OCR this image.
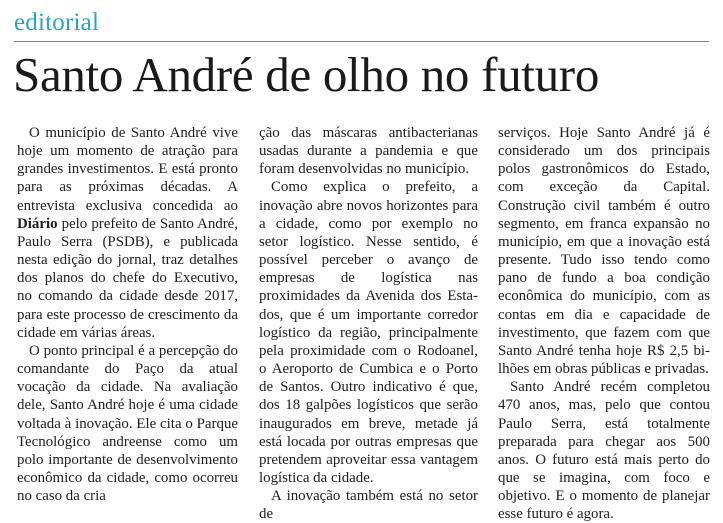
editorial
Santo André de olho no futuro

O município de Santo André vive hoje um momento de atração para grandes investimentos. E está pronto para as próximas décadas. A entrevista exclusiva concedida ao Diário pelo prefeito de Santo André, Paulo Serra (PSDB), e publicada nesta edição do jornal, traz detalhes dos planos do chefe do Executivo, no comando da cidade desde 2017, para este processo de crescimento da cidade em várias áreas.

O ponto principal é a percepção do comandante do Paço da atual vocação da cidade. Na avaliação dele, Santo André hoje é uma cidade voltada à inovação. Ele cita o Parque Tecnológico andreense como um polo importante de desenvolvimento econômico da cidade, como ocorreu no caso da cria

ção das máscaras antibacterianas usadas durante a pandemia e que foram desenvolvidas no município.

Como explica o prefeito, a inovação abre novos horizontes para a cidade, como por exemplo no setor logístico. Nesse sentido, é possível perceber o avanço de empresas de logística nas proximidades da Avenida dos Estados, que é um importante corredor logístico da região, principalmente pela proximidade com o Rodoanel, o Aeroporto de Cumbica e o Porto de Santos. Outro indicativo é que, dos 18 galpões logísticos que serão inaugurados em breve, metade já está locada por outras empresas que pretendem aproveitar essa vantagem logística da cidade.

A inovação também está no setor de

serviços. Hoje Santo André já é considerado um dos principais polos gastronômicos do Estado, com exceção da Capital. Construção civil também é outro segmento, em franca expansão no município, em que a inovação está presente. Tudo isso tendo como pano de fundo a boa condição econômica do município, com as contas em dia e capacidade de investimento, que fazem com que Santo André tenha hoje R$ 2,5 bilhões em obras públicas e privadas.

Santo André recém completou 470 anos, mas, pelo que contou Paulo Serra, está totalmente preparada para chegar aos 500 anos. O futuro está mais perto do que se imagina, com foco e objetivo. E o momento de planejar esse futuro é agora.
